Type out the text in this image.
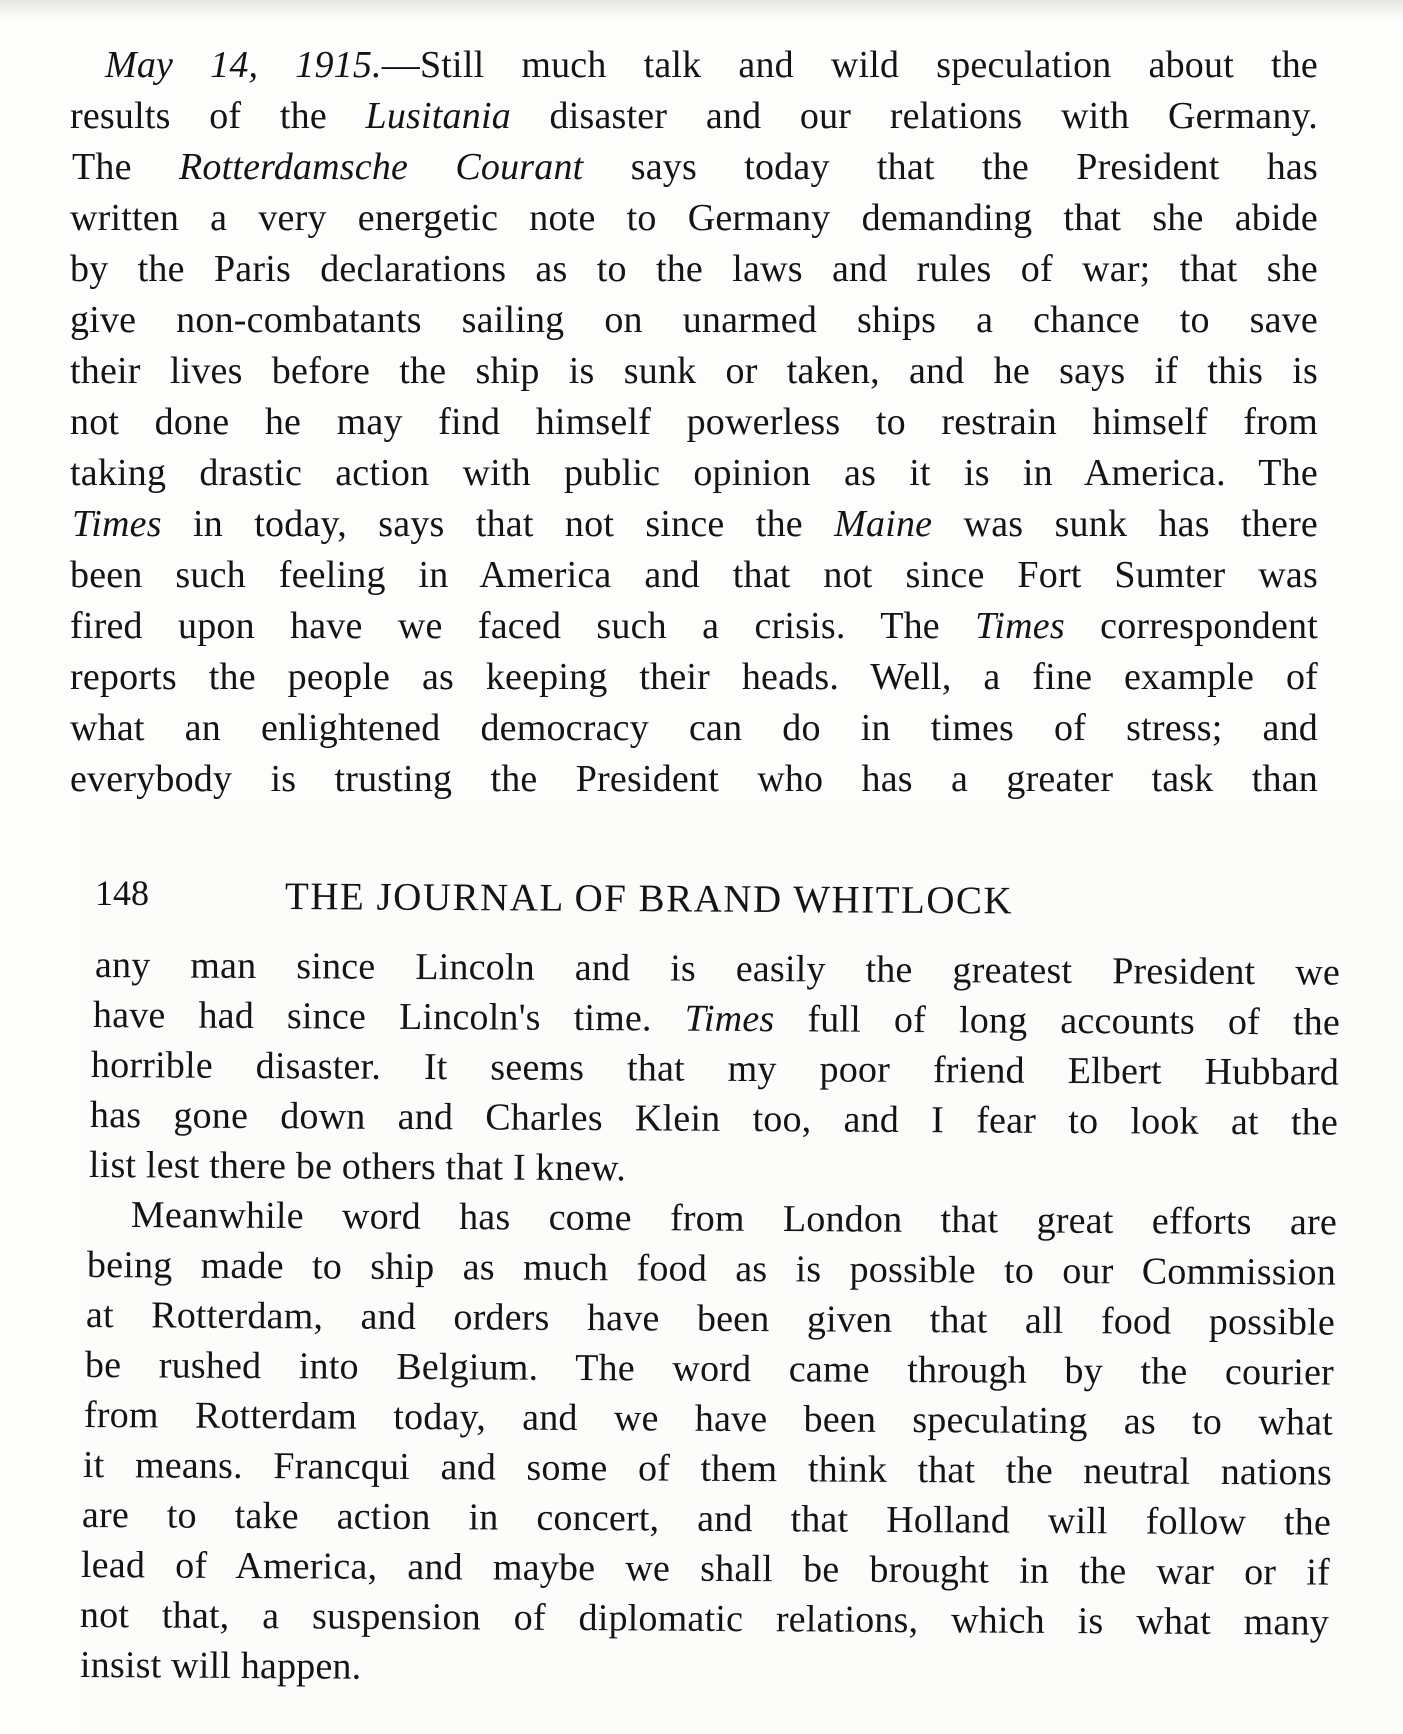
May 14, 1915.—Still much talk and wild speculation about the
results of the Lusitania disaster and our relations with Germany.
The Rotterdamsche Courant says today that the President has
written a very energetic note to Germany demanding that she abide
by the Paris declarations as to the laws and rules of war; that she
give non-combatants sailing on unarmed ships a chance to save
their lives before the ship is sunk or taken, and he says if this is
not done he may find himself powerless to restrain himself from
taking drastic action with public opinion as it is in America. The
Times in today, says that not since the Maine was sunk has there
been such feeling in America and that not since Fort Sumter was
fired upon have we faced such a crisis. The Times correspondent
reports the people as keeping their heads. Well, a fine example of
what an enlightened democracy can do in times of stress; and
everybody is trusting the President who has a greater task than
148	THE JOURNAL OF BRAND WHITLOCK
any man since Lincoln and is easily the greatest President we
have had since Lincoln's time. Times full of long accounts of the
horrible disaster. It seems that my poor friend Elbert Hubbard
has gone down and Charles Klein too, and I fear to look at the
list lest there be others that I knew.
Meanwhile word has come from London that great efforts are
being made to ship as much food as is possible to our Commission
at Rotterdam, and orders have been given that all food possible
be rushed into Belgium. The word came through by the courier
from Rotterdam today, and we have been speculating as to what
it means. Francqui and some of them think that the neutral nations
are to take action in concert, and that Holland will follow the
lead of America, and maybe we shall be brought in the war or if
not that, a suspension of diplomatic relations, which is what many
insist will happen.
